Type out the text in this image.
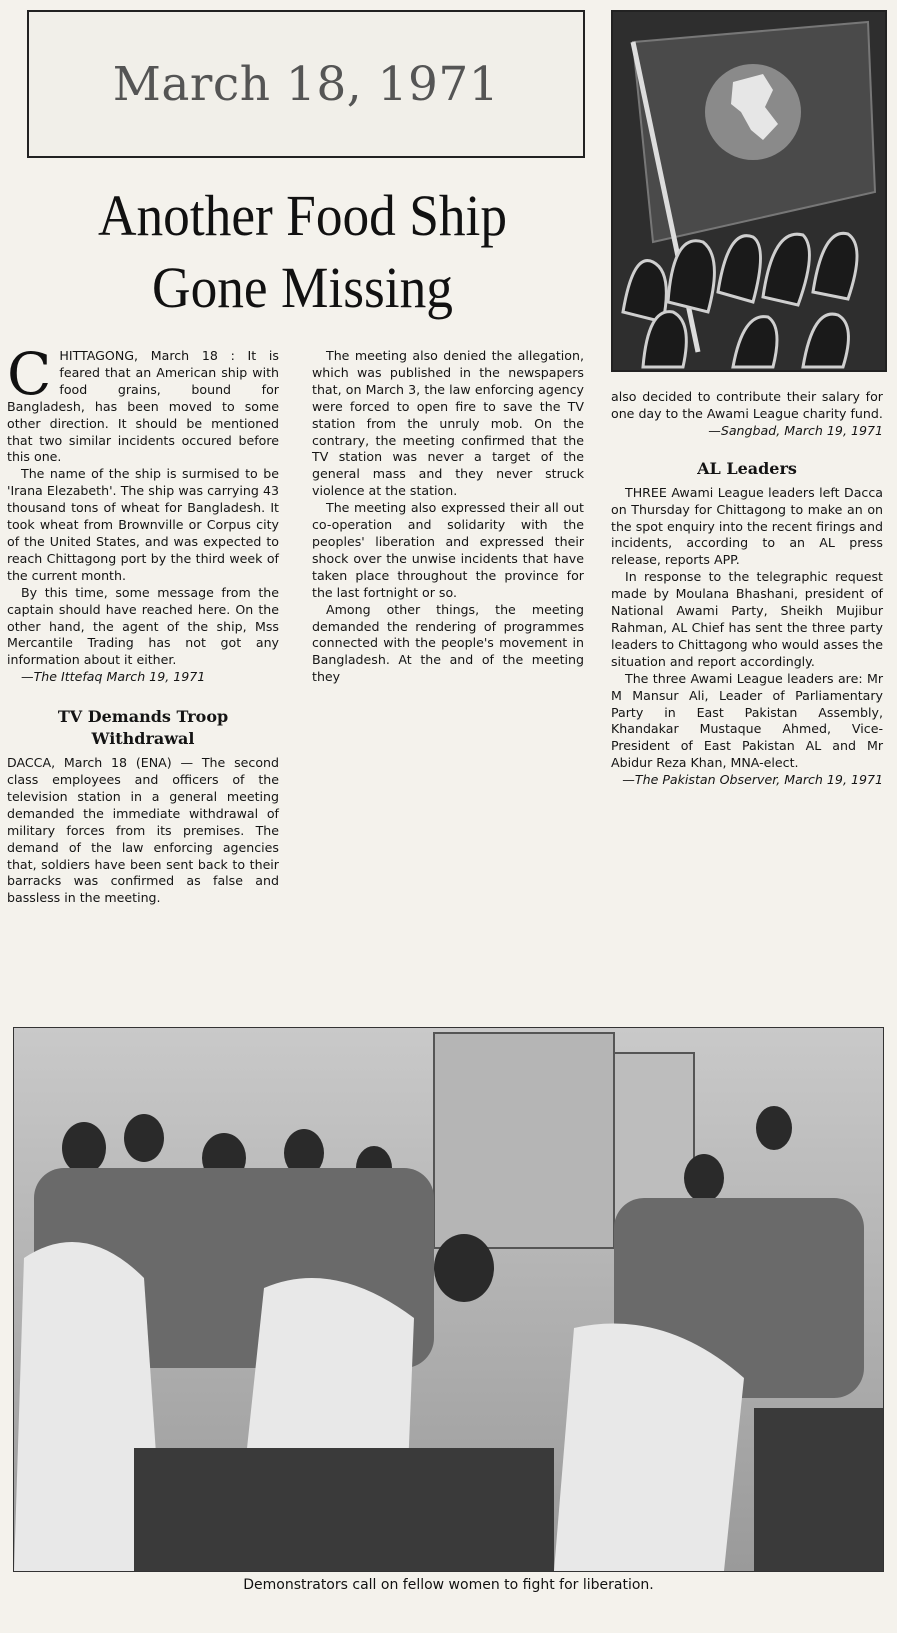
March 18, 1971
Another Food Ship
Gone Missing
C HITTAGONG, March 18 : It is feared that an American ship with food grains, bound for Bangladesh, has been moved to some other direction. It should be mentioned that two similar incidents occured before this one.

The name of the ship is surmised to be 'Irana Elezabeth'. The ship was carrying 43 thousand tons of wheat for Bangladesh. It took wheat from Brownville or Corpus city of the United States, and was expected to reach Chittagong port by the third week of the current month.

By this time, some message from the captain should have reached here. On the other hand, the agent of the ship, Mss Mercantile Trading has not got any information about it either.

—The Ittefaq March 19, 1971

TV Demands Troop Withdrawal

DACCA, March 18 (ENA) — The second class employees and officers of the television station in a general meeting demanded the immediate withdrawal of military forces from its premises. The demand of the law enforcing agencies that, soldiers have been sent back to their barracks was confirmed as false and bassless in the meeting.

The meeting also denied the allegation, which was published in the newspapers that, on March 3, the law enforcing agency were forced to open fire to save the TV station from the unruly mob. On the contrary, the meeting confirmed that the TV station was never a target of the general mass and they never struck violence at the station.

The meeting also expressed their all out co-operation and solidarity with the peoples' liberation and expressed their shock over the unwise incidents that have taken place throughout the province for the last fortnight or so.

Among other things, the meeting demanded the rendering of programmes connected with the people's movement in Bangladesh. At the and of the meeting they

also decided to contribute their salary for one day to the Awami League charity fund.

—Sangbad, March 19, 1971

AL Leaders

THREE Awami League leaders left Dacca on Thursday for Chittagong to make an on the spot enquiry into the recent firings and incidents, according to an AL press release, reports APP.

In response to the telegraphic request made by Moulana Bhashani, president of National Awami Party, Sheikh Mujibur Rahman, AL Chief has sent the three party leaders to Chittagong who would asses the situation and report accordingly.

The three Awami League leaders are: Mr M Mansur Ali, Leader of Parliamentary Party in East Pakistan Assembly, Khandakar Mustaque Ahmed, Vice-President of East Pakistan AL and Mr Abidur Reza Khan, MNA-elect.

—The Pakistan Observer, March 19, 1971

Demonstrators call on fellow women to fight for liberation.
